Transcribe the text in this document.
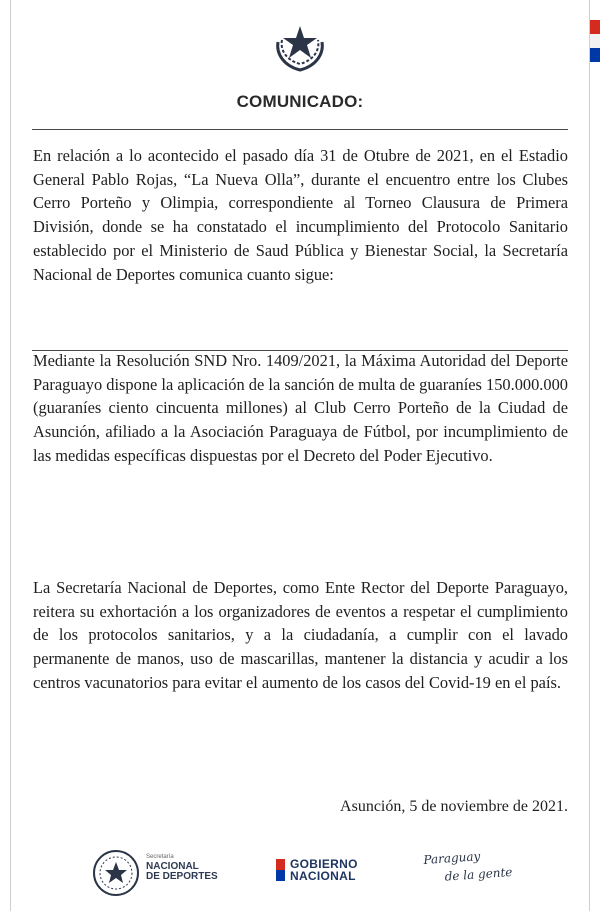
COMUNICADO:

En relación a lo acontecido el pasado día 31 de Otubre de 2021, en el Estadio General Pablo Rojas, “La Nueva Olla”, durante el encuentro entre los Clubes Cerro Porteño y Olimpia, correspondiente al Torneo Clausura de Primera División, donde se ha constatado el incumplimiento del Protocolo Sanitario establecido por el Ministerio de Saud Pública y Bienestar Social, la Secretaría Nacional de Deportes comunica cuanto sigue:

Mediante la Resolución SND Nro. 1409/2021, la Máxima Autoridad del Deporte Paraguayo dispone la aplicación de la sanción de multa de guaraníes 150.000.000 (guaraníes ciento cincuenta millones) al Club Cerro Porteño de la Ciudad de Asunción, afiliado a la Asociación Paraguaya de Fútbol, por incumplimiento de las medidas específicas dispuestas por el Decreto del Poder Ejecutivo.

La Secretaría Nacional de Deportes, como Ente Rector del Deporte Paraguayo, reitera su exhortación a los organizadores de eventos a respetar el cumplimiento de los protocolos sanitarios, y a la ciudadanía, a cumplir con el lavado permanente de manos, uso de mascarillas, mantener la distancia y acudir a los centros vacunatorios para evitar el aumento de los casos del Covid-19 en el país.

Asunción, 5 de noviembre de 2021.
Secretaría
NACIONAL
DE DEPORTES
GOBIERNO
NACIONAL
Paraguay
de la gente
